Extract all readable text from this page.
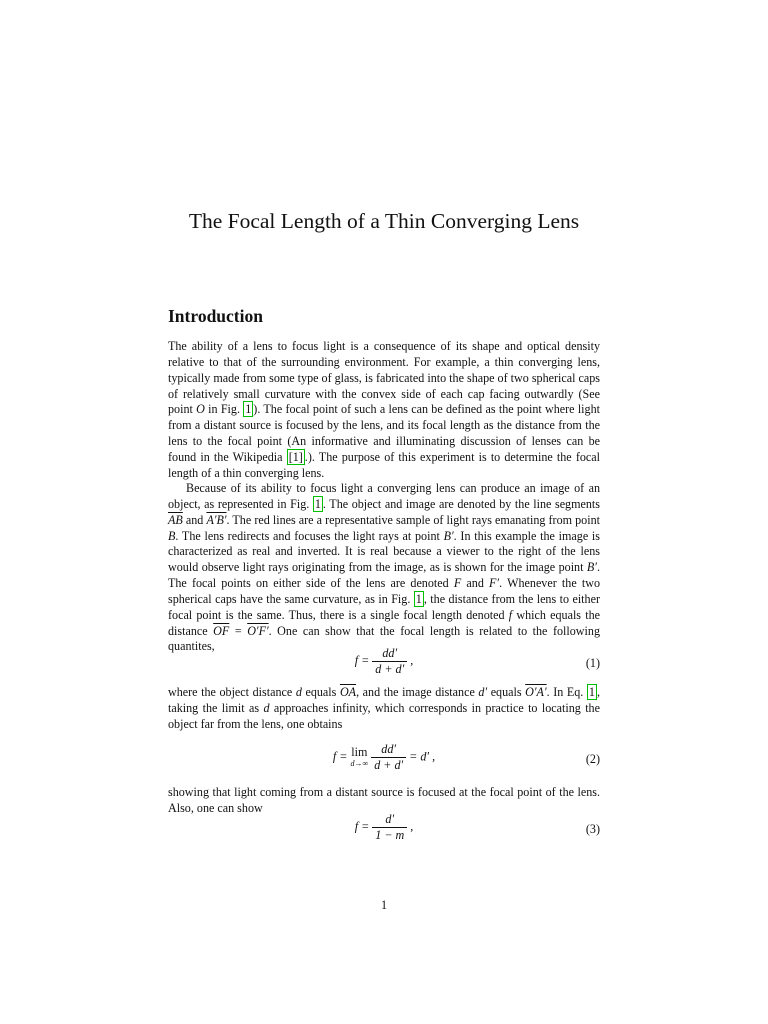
The Focal Length of a Thin Converging Lens
Introduction

The ability of a lens to focus light is a consequence of its shape and optical density relative to that of the surrounding environment. For example, a thin converging lens, typically made from some type of glass, is fabricated into the shape of two spherical caps of relatively small curvature with the convex side of each cap facing outwardly (See point O in Fig. 1 ). The focal point of such a lens can be defined as the point where light from a distant source is focused by the lens, and its focal length as the distance from the lens to the focal point (An informative and illuminating discussion of lenses can be found in the Wikipedia [1] .). The purpose of this experiment is to determine the focal length of a thin converging lens.

Because of its ability to focus light a converging lens can produce an image of an object, as represented in Fig. 1 . The object and image are denoted by the line segments $\overline{AB}$ and A′B′. The red lines are a representative sample of light rays emanating from point B. The lens redirects and focuses the light rays at point B′. In this example the image is characterized as real and inverted. It is real because a viewer to the right of the lens would observe light rays originating from the image, as is shown for the image point B′. The focal points on either side of the lens are denoted F and F′. Whenever the two spherical caps have the same curvature, as in Fig. 1 , the distance from the lens to either focal point is the same. Thus, there is a single focal length denoted f which equals the distance $\overline{OF} = O'F'$. One can show that the focal length is related to the following quantites,

$f = \frac{dd'}{d + d'}$ ,	(1)

where the object distance d equals $\overline{OA}$, and the image distance d′ equals O′A′. In Eq. 1 , taking the limit as d approaches infinity, which corresponds in practice to locating the object far from the lens, one obtains

f = lim
d→∞
$\frac{dd'}{d + d'} = d'$ ,	(2)

showing that light coming from a distant source is focused at the focal point of the lens. Also, one can show

$f = \frac{d'}{1 - m}$ ,	(3)
1
